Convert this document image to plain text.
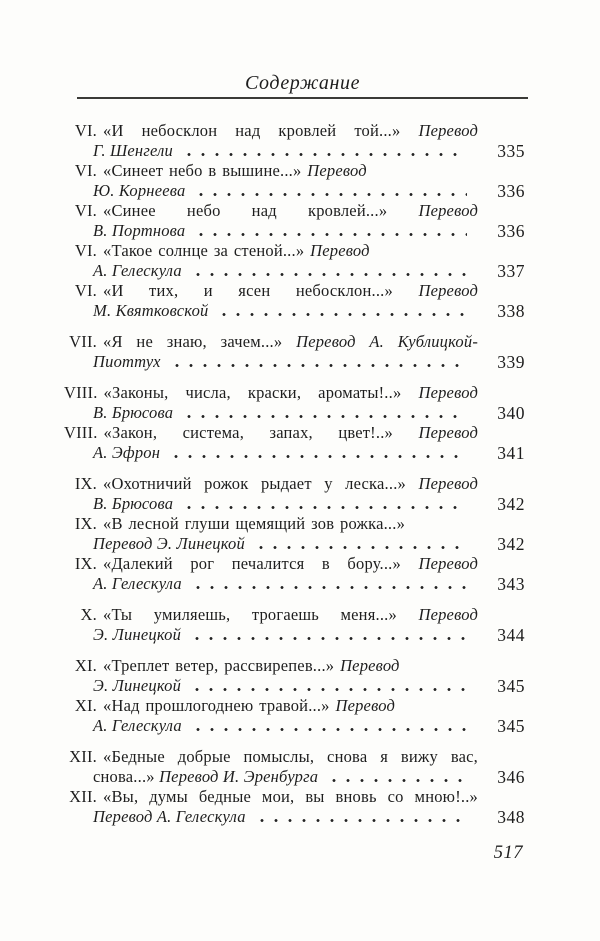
Содержание
VI. «И небосклон над кровлей той...» Перевод
Г. Шенгели	335
VI. «Синеет небо в вышине...» Перевод
Ю. Корнеева	336
VI. «Синее небо над кровлей...» Перевод
В. Портнова	336
VI. «Такое солнце за стеной...» Перевод
А. Гелескула	337
VI. «И тих, и ясен небосклон...» Перевод
М. Квятковской	338
VII. «Я не знаю, зачем...» Перевод А. Кублицкой-
Пиоттух	339
VIII. «Законы, числа, краски, ароматы!..» Перевод
В. Брюсова	340
VIII. «Закон, система, запах, цвет!..» Перевод
А. Эфрон	341
IX. «Охотничий рожок рыдает у леска...» Перевод
В. Брюсова	342
IX. «В лесной глуши щемящий зов рожка...»
Перевод Э. Линецкой	342
IX. «Далекий рог печалится в бору...» Перевод
А. Гелескула	343
X. «Ты умиляешь, трогаешь меня...» Перевод
Э. Линецкой	344
XI. «Треплет ветер, рассвирепев...» Перевод
Э. Линецкой	345
XI. «Над прошлогоднею травой...» Перевод
А. Гелескула	345
XII. «Бедные добрые помыслы, снова я вижу вас,
снова...» Перевод И. Эренбурга	346
XII. «Вы, думы бедные мои, вы вновь со мною!..»
Перевод А. Гелескула	348
517
